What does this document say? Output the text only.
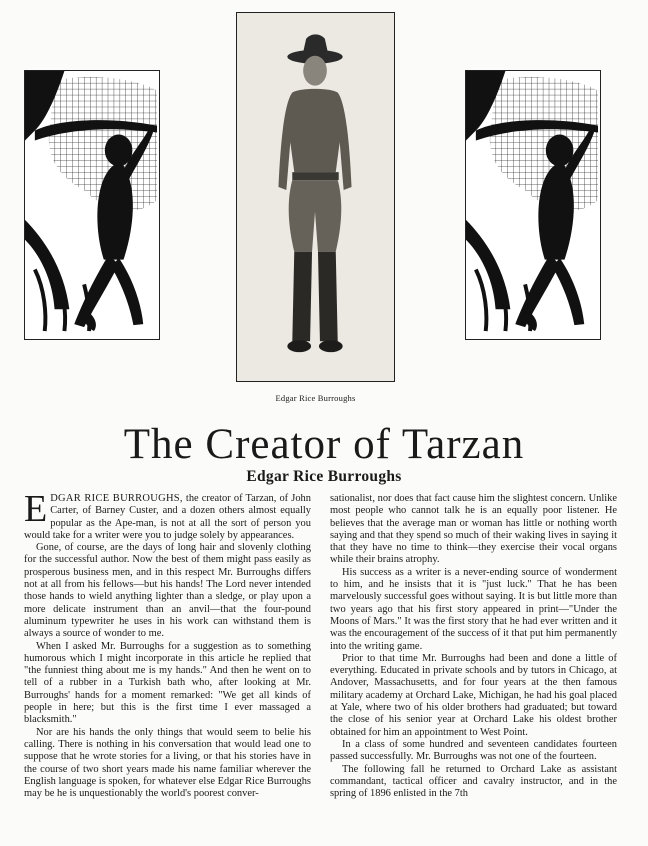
Edgar Rice Burroughs
The Creator of Tarzan
Edgar Rice Burroughs

EDGAR RICE BURROUGHS, the creator of Tarzan, of John Carter, of Barney Custer, and a dozen others almost equally popular as the Ape-man, is not at all the sort of person you would take for a writer were you to judge solely by appearances.

Gone, of course, are the days of long hair and slovenly clothing for the successful author. Now the best of them might pass easily as prosperous business men, and in this respect Mr. Burroughs differs not at all from his fellows—but his hands! The Lord never intended those hands to wield anything lighter than a sledge, or play upon a more delicate instrument than an anvil—that the four-pound aluminum typewriter he uses in his work can withstand them is always a source of wonder to me.

When I asked Mr. Burroughs for a suggestion as to something humorous which I might incorporate in this article he replied that "the funniest thing about me is my hands." And then he went on to tell of a rubber in a Turkish bath who, after looking at Mr. Burroughs' hands for a moment remarked: "We get all kinds of people in here; but this is the first time I ever massaged a blacksmith."

Nor are his hands the only things that would seem to belie his calling. There is nothing in his conversation that would lead one to suppose that he wrote stories for a living, or that his stories have in the course of two short years made his name familiar wherever the English language is spoken, for whatever else Edgar Rice Burroughs may be he is unquestionably the world's poorest conver-

sationalist, nor does that fact cause him the slightest concern. Unlike most people who cannot talk he is an equally poor listener. He believes that the average man or woman has little or nothing worth saying and that they spend so much of their waking lives in saying it that they have no time to think—they exercise their vocal organs while their brains atrophy.

His success as a writer is a never-ending source of wonderment to him, and he insists that it is "just luck." That he has been marvelously successful goes without saying. It is but little more than two years ago that his first story appeared in print—"Under the Moons of Mars." It was the first story that he had ever written and it was the encouragement of the success of it that put him permanently into the writing game.

Prior to that time Mr. Burroughs had been and done a little of everything. Educated in private schools and by tutors in Chicago, at Andover, Massachusetts, and for four years at the then famous military academy at Orchard Lake, Michigan, he had his goal placed at Yale, where two of his older brothers had graduated; but toward the close of his senior year at Orchard Lake his oldest brother obtained for him an appointment to West Point.

In a class of some hundred and seventeen candidates fourteen passed successfully. Mr. Burroughs was not one of the fourteen.

The following fall he returned to Orchard Lake as assistant commandant, tactical officer and cavalry instructor, and in the spring of 1896 enlisted in the 7th
